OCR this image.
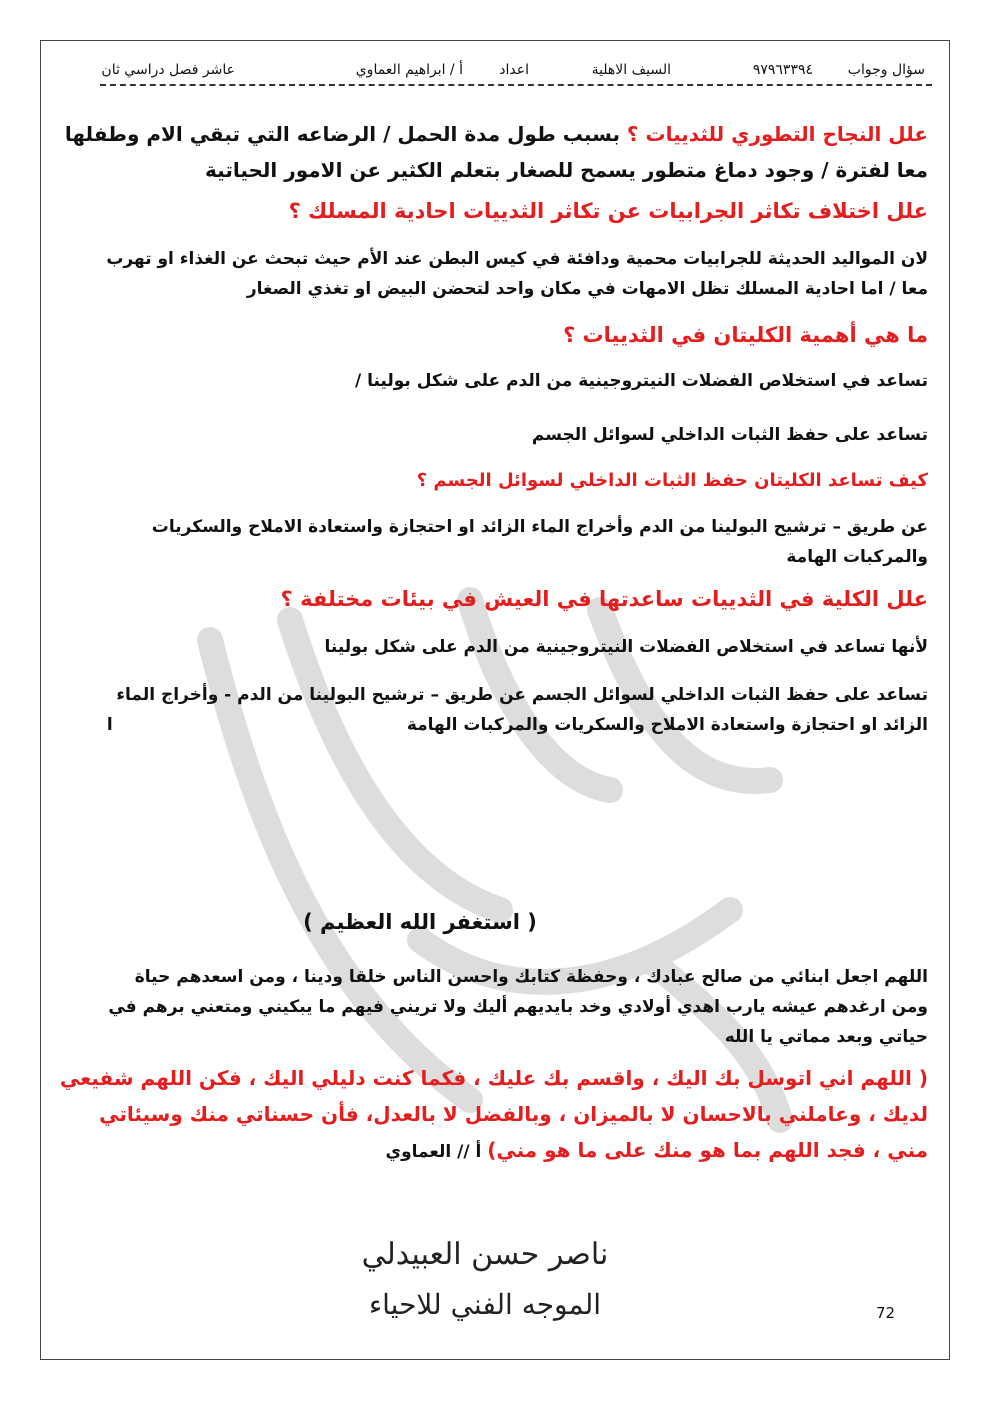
سؤال وجواب
٩٧٩٦٣٣٩٤
السيف الاهلية
اعداد
أ / ابراهيم العماوي
عاشر فصل دراسي ثان
ابراهيم العماوي

علل النجاح التطوري للثدييات ؟ بسبب طول مدة الحمل / الرضاعه التي تبقي الام وطفلها

معا لفترة / وجود دماغ متطور يسمح للصغار بتعلم الكثير عن الامور الحياتية

علل اختلاف تكاثر الجرابيات عن تكاثر الثدييات احادية المسلك ؟

لان المواليد الحديثة للجرابيات محمية ودافئة في كيس البطن عند الأم حيث تبحث عن الغذاء او تهرب

معا / اما احادية المسلك تظل الامهات في مكان واحد لتحضن البيض او تغذي الصغار

ما هي أهمية الكليتان في الثدييات ؟

تساعد في استخلاص الفضلات النيتروجينية من الدم على شكل بولينا /

تساعد على حفظ الثبات الداخلي لسوائل الجسم

كيف تساعد الكليتان حفظ الثبات الداخلي لسوائل الجسم ؟

عن طريق – ترشيح البولينا من الدم وأخراج الماء الزائد او احتجازة واستعادة الاملاح والسكريات

والمركبات الهامة

علل الكلية في الثدييات ساعدتها في العيش في بيئات مختلفة ؟

لأنها تساعد في استخلاص الفضلات النيتروجينية من الدم على شكل بولينا

تساعد على حفظ الثبات الداخلي لسوائل الجسم عن طريق – ترشيح البولينا من الدم - وأخراج الماء

الزائد او احتجازة واستعادة الاملاح والسكريات والمركبات الهامةا

( استغفر الله العظيم )

اللهم اجعل ابنائي من صالح عبادك ، وحفظة كتابك واحسن الناس خلقا ودينا ، ومن اسعدهم حياة

ومن ارغدهم عيشه يارب اهدي أولادي وخد بايديهم أليك ولا تريني فيهم ما يبكيني ومتعني برهم في

حياتي وبعد مماتي يا الله

( اللهم اني اتوسل بك اليك ، واقسم بك عليك ، فكما كنت دليلي اليك ، فكن اللهم شفيعي

لديك ، وعاملني بالاحسان لا بالميزان ، وبالفضل لا بالعدل، فأن حسناتي منك وسيئاتي

مني ، فجد اللهم بما هو منك على ما هو مني) أ // العماوي

ناصر حسن العبيدلي
الموجه الفني للاحياء	72
